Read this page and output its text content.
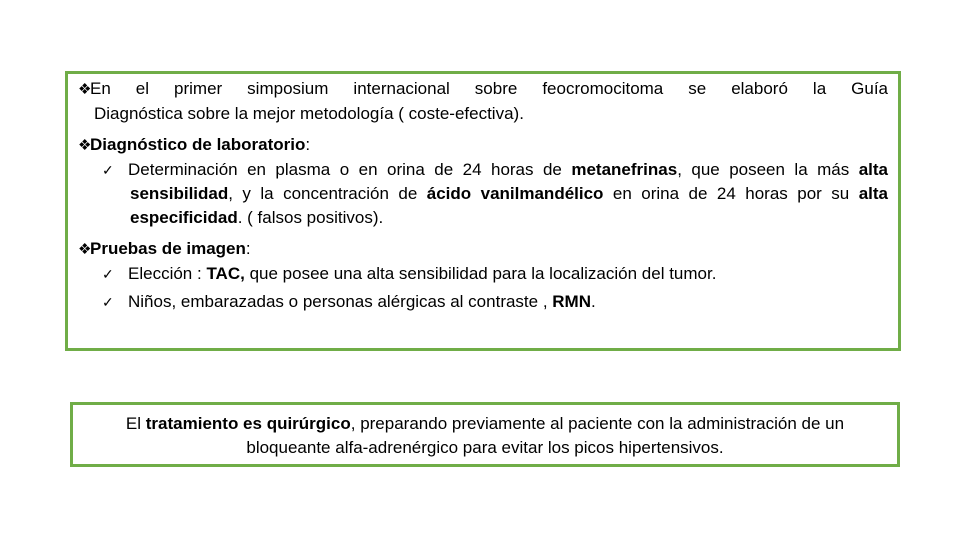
❖En el primer simposium internacional sobre feocromocitoma se elaboró la Guía

Diagnóstica sobre la mejor metodología ( coste-efectiva).

❖Diagnóstico de laboratorio:

✓ Determinación en plasma o en orina de 24 horas de metanefrinas, que poseen la más alta sensibilidad, y la concentración de ácido vanilmandélico en orina de 24 horas por su alta especificidad. ( falsos positivos).

❖Pruebas de imagen:

✓ Elección : TAC, que posee una alta sensibilidad para la localización del tumor.

✓ Niños, embarazadas o personas alérgicas al contraste , RMN.

El tratamiento es quirúrgico, preparando previamente al paciente con la administración de un bloqueante alfa-adrenérgico para evitar los picos hipertensivos.
